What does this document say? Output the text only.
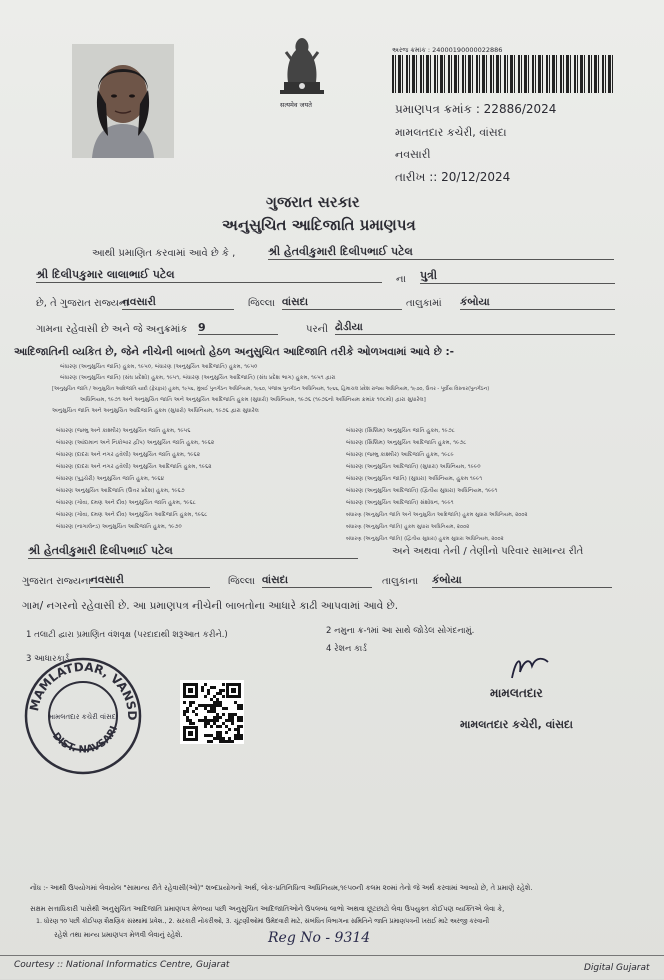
सत्यमेव जयते
અરજ ક્રમાંક : 24000190000022886
પ્રમાણપત્ર ક્રમાંક : 22886/2024
મામલતદાર કચેરી, વાંસદા
નવસારી
તારીખ :: 20/12/2024
ગુજરાત સરકાર
અનુસુચિત આદિજાતિ પ્રમાણપત્ર
આથી પ્રમાણિત કરવામાં આવે છે કે ,	શ્રી હેતવીકુમારી દિલીપભાઈ પટેલ
શ્રી દિલીપકુમાર લાલાભાઈ પટેલ	ના પુત્રી
છે, તે ગુજરાત રાજ્યના
નવસારી	જિલ્લા વાંસદા	તાલુકામાં કંબોયા
ગામના રહેવાસી છે અને જે અનુક્રમાંક 9	પરની ઢોડીયા
આદિજાતિની વ્યકિત છે, જેને નીચેની બાબતો હેઠળ અનુસુચિત આદિજાતિ તરીકે ઓળખવામાં આવે છે :-
બંધારણ (અનુસુચિત જાતિ) હુકમ, ૧૯૫૦, બંધારણ (અનુસુચિત આદિજાતિ) હુકમ, ૧૯૫૦
બંધારણ (અનુસુચિત જાતિ) (સંઘ પ્રદેશો) હુકમ, ૧૯૫૧, બંધારણ (અનુસુચિત આદિજાતિ) (સંઘ પ્રદેશ ભાગ) હુકમ, ૧૯૫૧ દ્વારા
[અનુસુચિત જાતિ / અનુસુચિત આદિજાતિ યાદી (ફેરફાર) હુકમ, ૧૯૫૬, મુંબઈ પુનર્ગઠન અધિનિયમ, ૧૯૬૦, પંજાબ પુનર્ગઠન અધિનિયમ, ૧૯૬૬, હિમાચલ પ્રદેશ રાજ્ય અધિનિયમ, ૧૯૭૦, ઉત્તર - પૂર્વીય વિસ્તાર(પુનર્ગઠન)
અધિનિયમ, ૧૯૭૧ અને અનુસુચિત જાતિ અને અનુસુચિત આદિજાતિ હુકમ (સુધારો) અધિનિયમ, ૧૯૭૬ (૧૯૭૬નો અધિનિયમ ક્રમાંક ૧૦૮મો) દ્વારા સુધારેલ]
અનુસુચિત જાતિ અને અનુસુચિત આદિજાતિ હુકમ (સુધારો) અધિનિયમ, ૧૯૭૬ દ્વારા સુધારેલ
બંધારણ (જમ્મુ અને કાશ્મીર) અનુસુચિત જાતિ હુકમ, ૧૯૫૬
બંધારણ (આંદામાન અને નિકોબાર દ્વીપ) અનુસુચિત જાતિ હુકમ, ૧૯૬૨
બંધારણ (દાદરા અને નગર હવેલી) અનુસુચિત જાતિ હુકમ, ૧૯૬૨
બંધારણ (દાદરા અને નગર હવેલી) અનુસુચિત આદિજાતિ હુકમ, ૧૯૬૨
બંધારણ (પુડુચેરી) અનુસુચિત જાતિ હુકમ, ૧૯૬૪
બંધારણ અનુસુચિત આદિજાતિ (ઉત્તર પ્રદેશ) હુકમ, ૧૯૬૭
બંધારણ (ગોવા, દમણ અને દીવ) અનુસુચિત જાતિ હુકમ, ૧૯૬૮
બંધારણ (ગોવા, દમણ અને દીવ) અનુસુચિત આદિજાતિ હુકમ, ૧૯૬૮
બંધારણ (નાગાલેન્ડ) અનુસુચિત આદિજાતિ હુકમ, ૧૯૭૦
બંધારણ (સિક્કિમ) અનુસુચિત જાતિ હુકમ, ૧૯૭૮
બંધારણ (સિક્કિમ) અનુસુચિત આદિજાતિ હુકમ, ૧૯૭૮
બંધારણ (જમ્મુ કાશ્મીર) આદિજાતિ હુકમ, ૧૯૮૯
બંધારણ (અનુસુચિત આદિજાતિ) (સુધારા) અધિનિયમ, ૧૯૯૦
બંધારણ (અનુસુચિત જાતિ) (સુધારા) અધિનિયમ, હુકમ ૧૯૯૧
બંધારણ (અનુસુચિત આદિજાતિ) (દ્વિતીય સુધારા) અધિનિયમ, ૧૯૯૧
બંધારણ (અનુસુચિત આદિજાતિ) સંશોધન, ૧૯૯૧
બંધારણ (અનુસુચિત જાતિ અને અનુસુચિત આદિજાતિ) હુકમ સુધારા અધિનિયમ, ૨૦૦૨
બંધારણ (અનુસુચિત જાતિ) હુકમ સુધારા અધિનિયમ, ૨૦૦૨
બંધારણ (અનુસુચિત જાતિ) (દ્વિતીય સુધારા) હુકમ સુધારા અધિનિયમ, ૨૦૦૨
શ્રી હેતવીકુમારી દિલીપભાઈ પટેલ	અને અથવા તેની / તેણીનો પરિવાર સામાન્ય રીતે
ગુજરાત રાજ્યના નવસારી	જિલ્લા વાંસદા	તાલુકાના કંબોયા
ગામ/ નગરનો રહેવાસી છે. આ પ્રમાણપત્ર નીચેની બાબતોના આધારે કાઢી આપવામાં આવે છે.
1 તલાટી દ્વારા પ્રમાણિત વંશવૃક્ષ (પરદાદાથી શરૂઆત કરીને.)	2 નમુના ક્ર-૧માં આ સાથે જોડેલ સોગંદનામું.
3 આધારકાર્ડ
4 રેશન કાર્ડ
MAMLATDAR, VANSD
DIST. NAVSARI
મામલતદાર કચેરી વાંસદા
મામલતદાર
મામલતદાર કચેરી, વાંસદા
નોંધ :- આથી ઉપયોગમાં લેવાયેલ "સામાન્ય રીતે રહેવાસી(ઓ)" શબ્દપ્રયોગનો અર્થ, લોક-પ્રતિનિધિત્વ અધિનિયમ,૧૯૫૦ની કલમ ૨૦માં તેનો જે અર્થ કરવામાં આવ્યો છે, તે પ્રમાણે રહેશે.
સક્ષમ સત્તાધિકારી પાસેથી અનુસુચિત આદિજાતિ પ્રમાણપત્ર મેળવ્યા પછી અનુસુચિત આદિજાતિઓને ઉપલબ્ધ લાભો અથવા છૂટછાટો લેવા ઉપયુક્ત કોઈપણ વ્યક્તિએ લેવા કે,
1. ધોરણ ૧૦ પછી કોઈપણ શૈક્ષણિક સંસ્થામાં પ્રવેશ., 2. સરકારી નોકરીઓ, 3. ચૂંટણીઓમાં ઉમેદવારી માટે, સંબંધિત વિભાગના સમિતિને જાતિ પ્રમાણપત્રની ખરાઈ માટે અરજી કરવાની
રહેશે તથા માન્ય પ્રમાણપત્ર મેળવી લેવાનું રહેશે.	Reg No - 9314
Courtesy :: National Informatics Centre, Gujarat	Digital Gujarat
